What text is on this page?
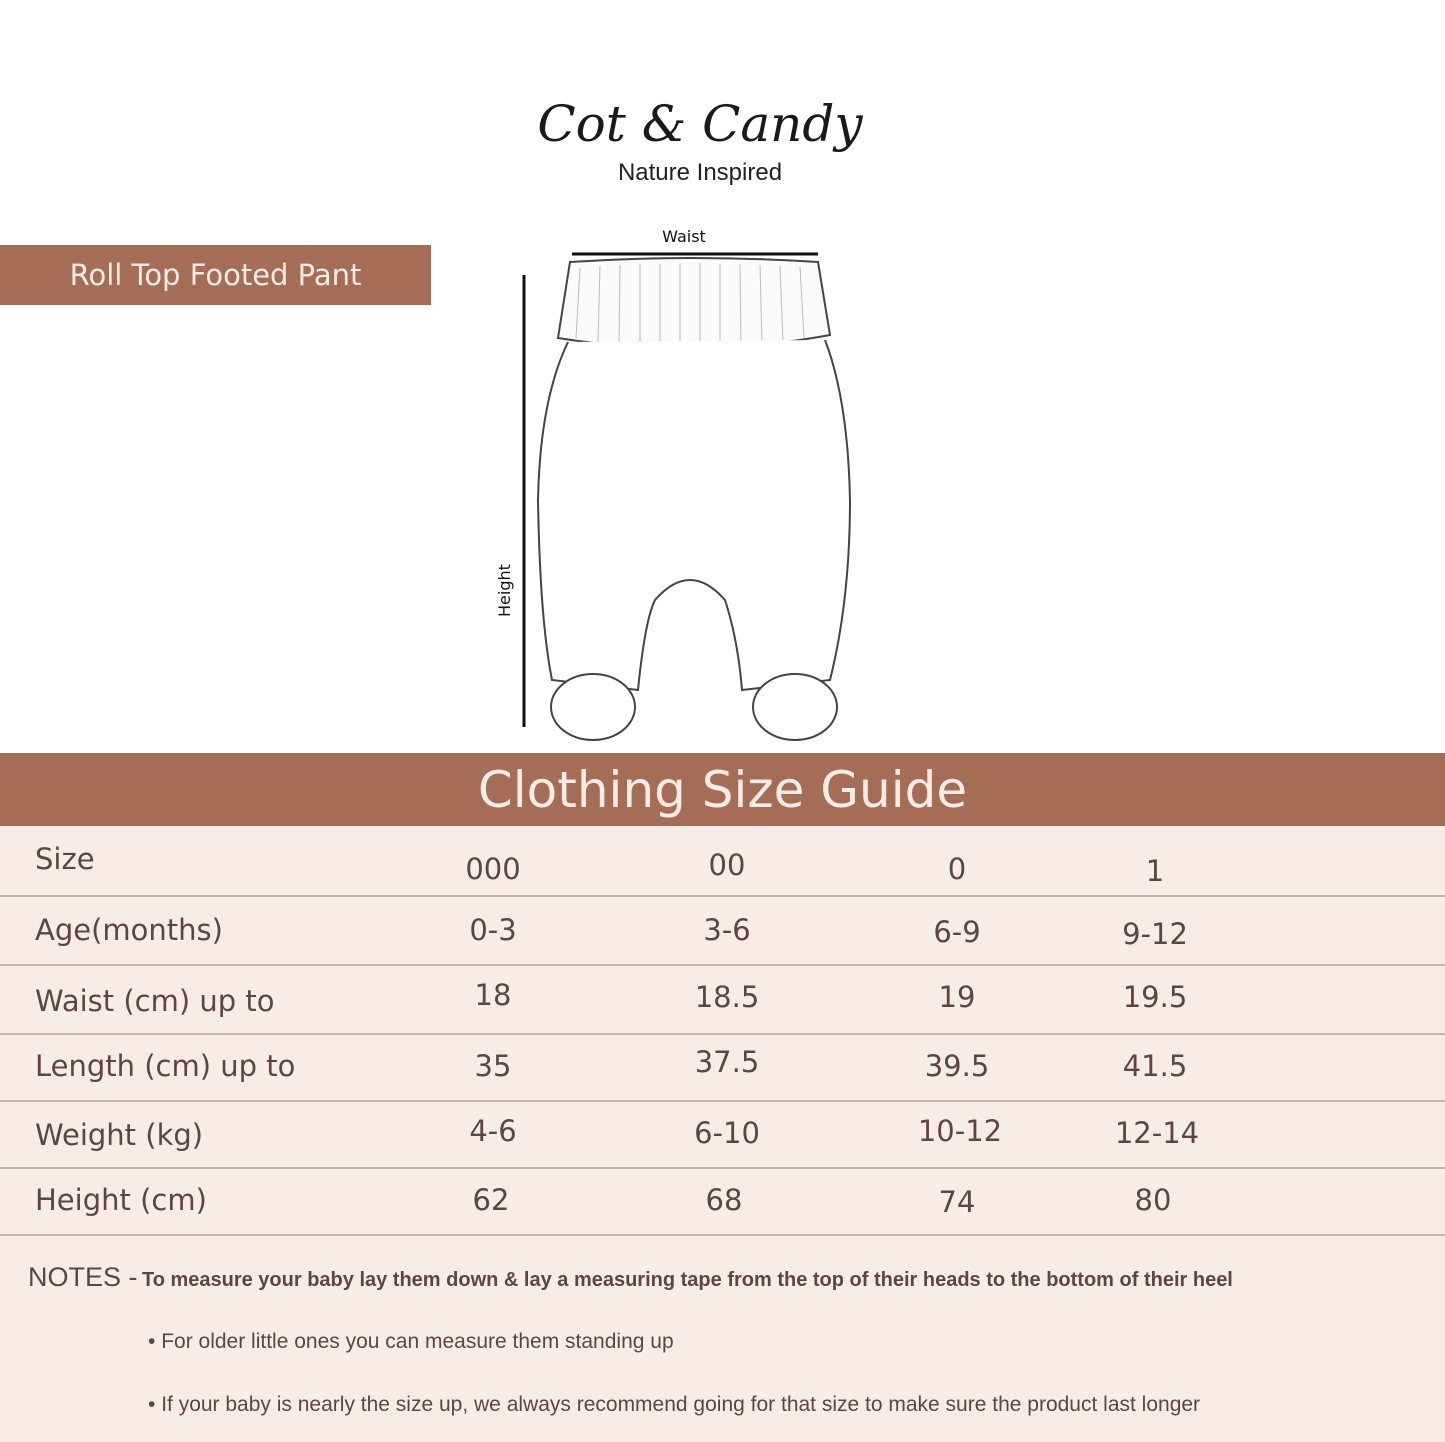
Cot & Candy
Nature Inspired
Roll Top Footed Pant
Waist
Height
Clothing Size Guide
Size	000	00	0	1
Age(months)	0-3	3-6	6-9	9-12
Waist (cm) up to	18	18.5	19	19.5
Length (cm) up to	35	37.5	39.5	41.5
Weight (kg)	4-6	6-10	10-12	12-14
Height (cm)	62	68	74	80
NOTES - To measure your baby lay them down & lay a measuring tape from the top of their heads to the bottom of their heel
• For older little ones you can measure them standing up
• If your baby is nearly the size up, we always recommend going for that size to make sure the product last longer
